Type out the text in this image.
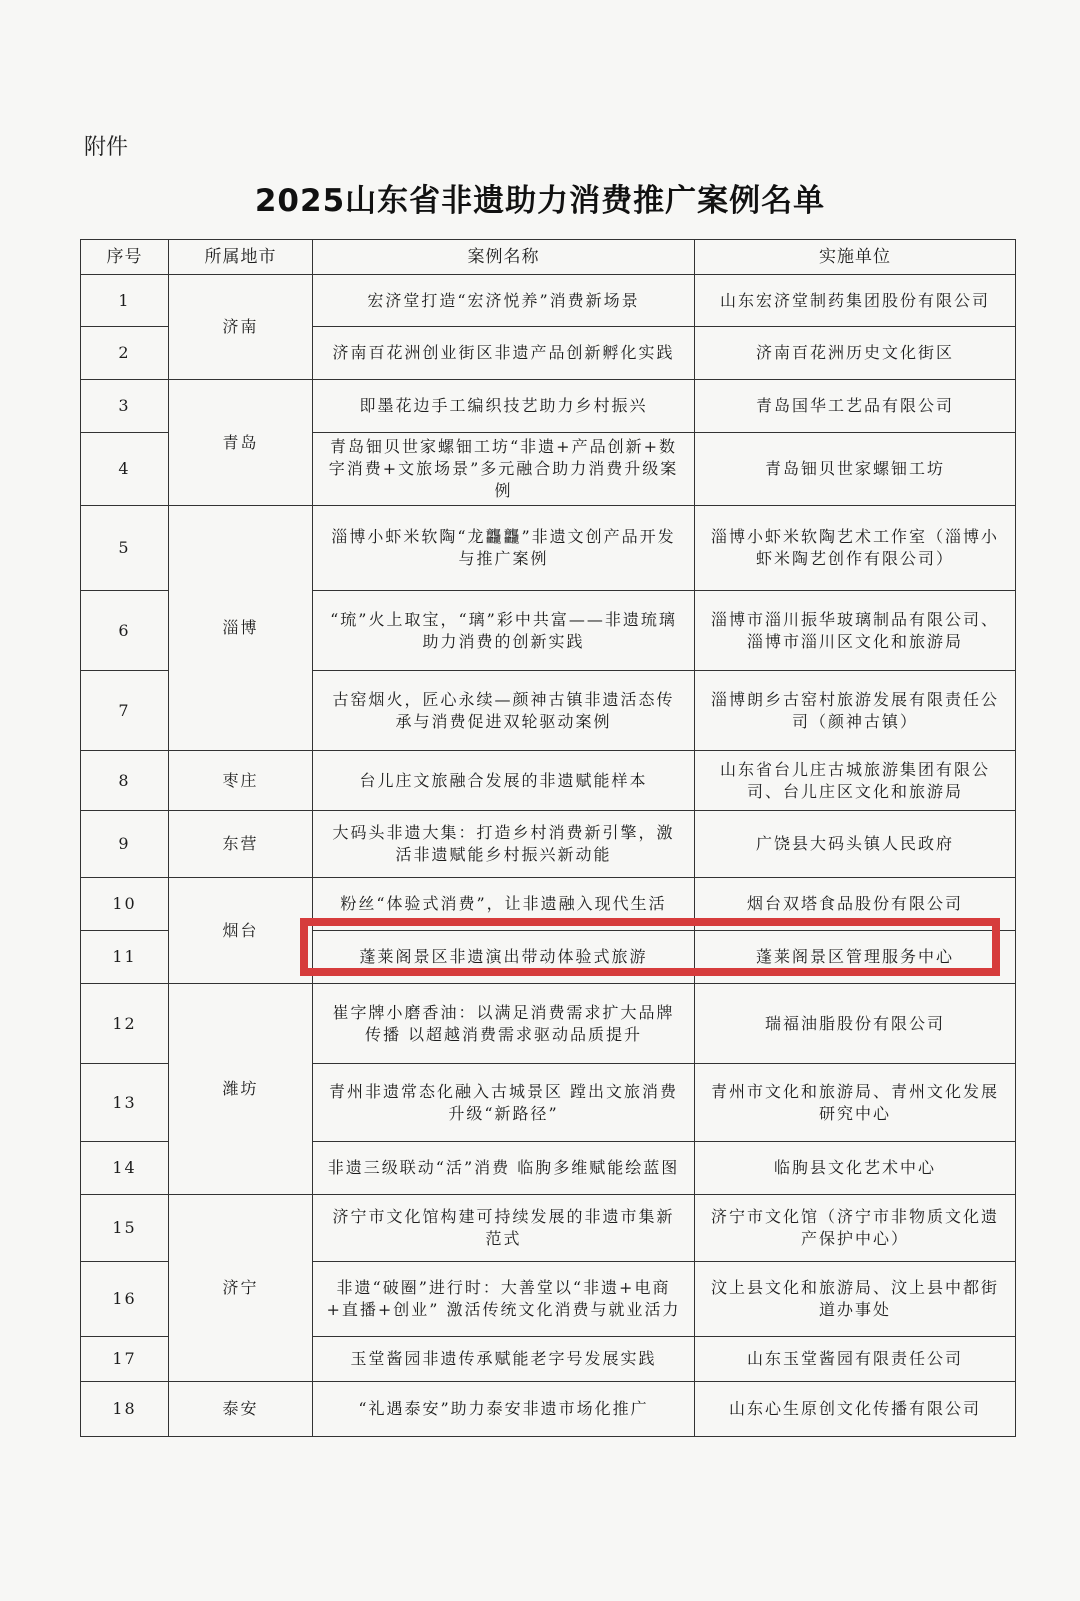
附件
2025山东省非遗助力消费推广案例名单
序号	所属地市	案例名称	实施单位
1	济南	宏济堂打造“宏济悦养”消费新场景	山东宏济堂制药集团股份有限公司
2		济南百花洲创业街区非遗产品创新孵化实践	济南百花洲历史文化街区
3	青岛	即墨花边手工编织技艺助力乡村振兴	青岛国华工艺品有限公司
4		青岛钿贝世家螺钿工坊“非遗+产品创新+数字消费+文旅场景”多元融合助力消费升级案例	青岛钿贝世家螺钿工坊
5	淄博	淄博小虾米软陶“龙龘龘”非遗文创产品开发与推广案例	淄博小虾米软陶艺术工作室（淄博小虾米陶艺创作有限公司）
6		“琉”火上取宝，“璃”彩中共富——非遗琉璃助力消费的创新实践	淄博市淄川振华玻璃制品有限公司、淄博市淄川区文化和旅游局
7		古窑烟火，匠心永续—颜神古镇非遗活态传承与消费促进双轮驱动案例	淄博朗乡古窑村旅游发展有限责任公司（颜神古镇）
8	枣庄	台儿庄文旅融合发展的非遗赋能样本	山东省台儿庄古城旅游集团有限公司、台儿庄区文化和旅游局
9	东营	大码头非遗大集：打造乡村消费新引擎，激活非遗赋能乡村振兴新动能	广饶县大码头镇人民政府
10	烟台	粉丝“体验式消费”，让非遗融入现代生活	烟台双塔食品股份有限公司
11		蓬莱阁景区非遗演出带动体验式旅游	蓬莱阁景区管理服务中心
12	潍坊	崔字牌小磨香油：以满足消费需求扩大品牌传播 以超越消费需求驱动品质提升	瑞福油脂股份有限公司
13		青州非遗常态化融入古城景区 蹚出文旅消费升级“新路径”	青州市文化和旅游局、青州文化发展研究中心
14		非遗三级联动“活”消费 临朐多维赋能绘蓝图	临朐县文化艺术中心
15	济宁	济宁市文化馆构建可持续发展的非遗市集新范式	济宁市文化馆（济宁市非物质文化遗产保护中心）
16		非遗“破圈”进行时：大善堂以“非遗+电商+直播+创业” 激活传统文化消费与就业活力	汶上县文化和旅游局、汶上县中都街道办事处
17		玉堂酱园非遗传承赋能老字号发展实践	山东玉堂酱园有限责任公司
18	泰安	“礼遇泰安”助力泰安非遗市场化推广	山东心生原创文化传播有限公司
